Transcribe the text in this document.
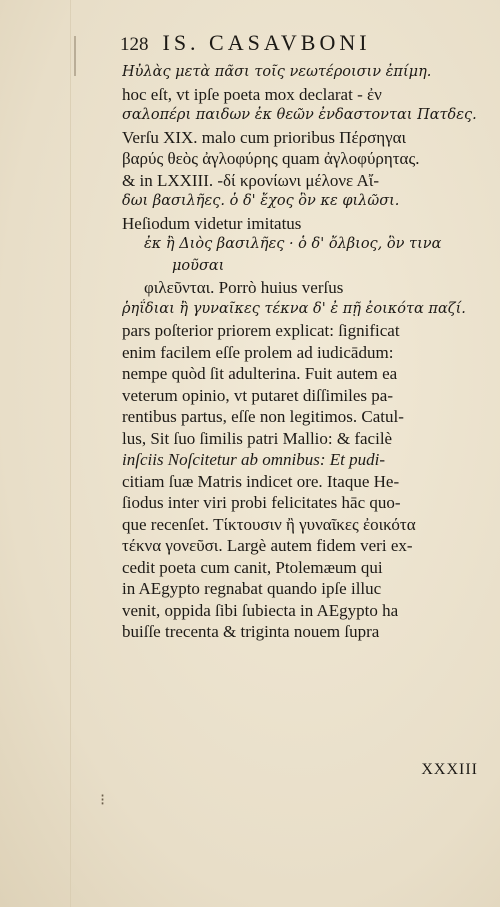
128 IS. CASAVBONI
Ηὐλὰς μετὰ πᾶσι τοῖς νεωτέροισιν ἐπίμη.
hoc eſt, vt ipſe poeta mox declarat - ἐν
σαλοπέρι παιδων ἐκ θεῶν ἐνδαστονται Πατδες.
Verſu XIX. malo cum prioribus Πέρσηγαι
βαρύς θεὸς ἀγλοφύρης quam ἀγλοφύρητας.
& in LXXIII. -δί κρονίωνι μέλονε Αἴ-
δωι βασιλῆες. ὁ δ' ἔχος ὃν κε φιλῶσι.
Heſiodum videtur imitatus
ἐκ ἢ Διὸς βασιλῆες · ὁ δ' ὄλβιος, ὃν τινα
μοῦσαι
φιλεῦνται. Porrò huius verſus
ῥηΐδιαι ἢ γυναῖκες τέκνα δ' ἐ πῇ ἐοικότα παζί.
pars poſterior priorem explicat: ſignificat
enim facilem eſſe prolem ad iudicādum:
nempe quòd ſit adulterina. Fuit autem ea
veterum opinio, vt putaret diſſimiles pa-
rentibus partus, eſſe non legitimos. Catul-
lus, Sit ſuo ſimilis patri Mallio: & facilè
inſciis Noſcitetur ab omnibus: Et pudi-
citiam ſuæ Matris indicet ore. Itaque He-
ſiodus inter viri probi felicitates hāc quo-
que recenſet. Τίκτουσιν ἢ γυναῖκες ἐοικότα
τέκνα γονεῦσι. Largè autem fidem veri ex-
cedit poeta cum canit, Ptolemæum qui
in AEgypto regnabat quando ipſe illuc
venit, oppida ſibi ſubiecta in AEgypto ha
buiſſe trecenta & triginta nouem ſupra
XXXIII
⁝
